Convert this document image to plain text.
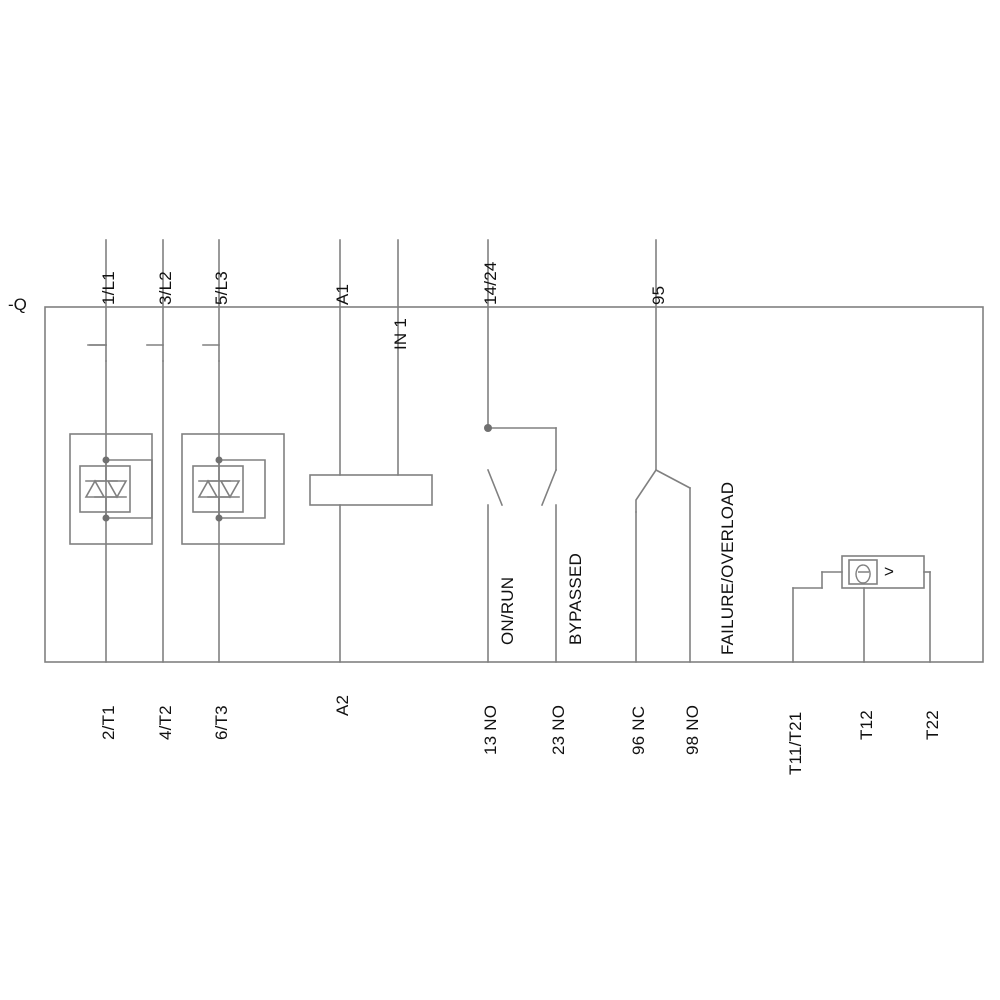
1/L1 3/L2 5/L3	A1
IN 1
14/24	95
-Q
ON/RUN	BYPASSED	FAILURE/OVERLOAD	>
2/T1 4/T2 6/T3	A2	13 NO	23 NO	96 NC 98 NO	T11/T21	T12	T22
